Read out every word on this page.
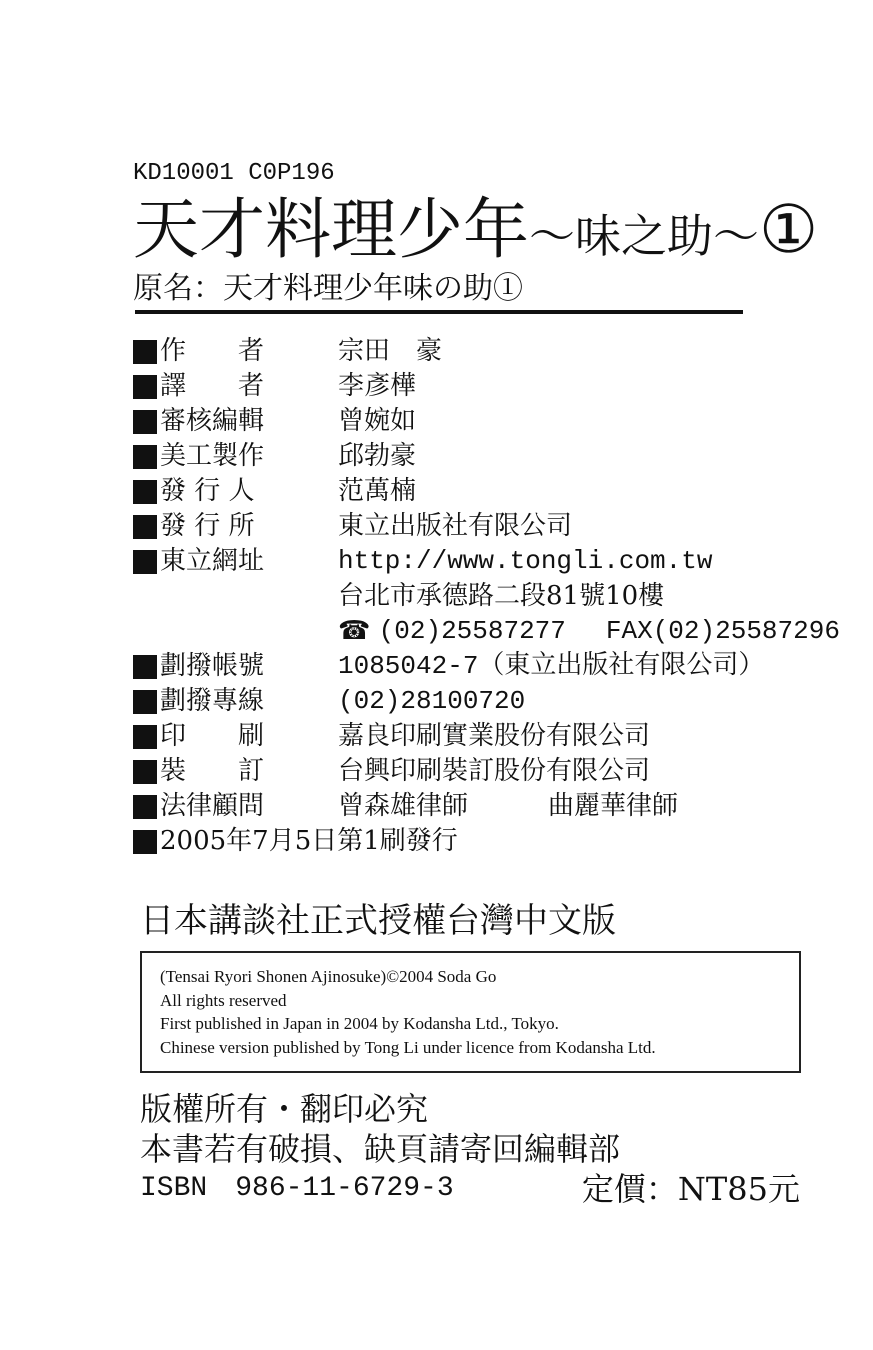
KD10001 C0P196
天才料理少年～味之助～①
原名：天才料理少年味の助①
作　　者	宗田　豪
譯　　者	李彥樺
審核編輯	曾婉如
美工製作	邱勃豪
發 行 人	范萬楠
發 行 所	東立出版社有限公司
東立網址	http://www.tongli.com.tw
台北市承德路二段81號10樓
☎ (02)25587277 FAX(02)25587296
劃撥帳號	1085042-7（東立出版社有限公司）
劃撥專線	(02)28100720
印　　刷	嘉良印刷實業股份有限公司
裝　　訂	台興印刷裝訂股份有限公司
法律顧問	曾森雄律師	曲麗華律師
2005年7月5日第1刷發行
日本講談社正式授權台灣中文版
(Tensai Ryori Shonen Ajinosuke)©2004 Soda Go
All rights reserved
First published in Japan in 2004 by Kodansha Ltd., Tokyo.
Chinese version published by Tong Li under licence from Kodansha Ltd.
版權所有・翻印必究
本書若有破損、缺頁請寄回編輯部
ISBN　986-11-6729-3	定價：NT85元
